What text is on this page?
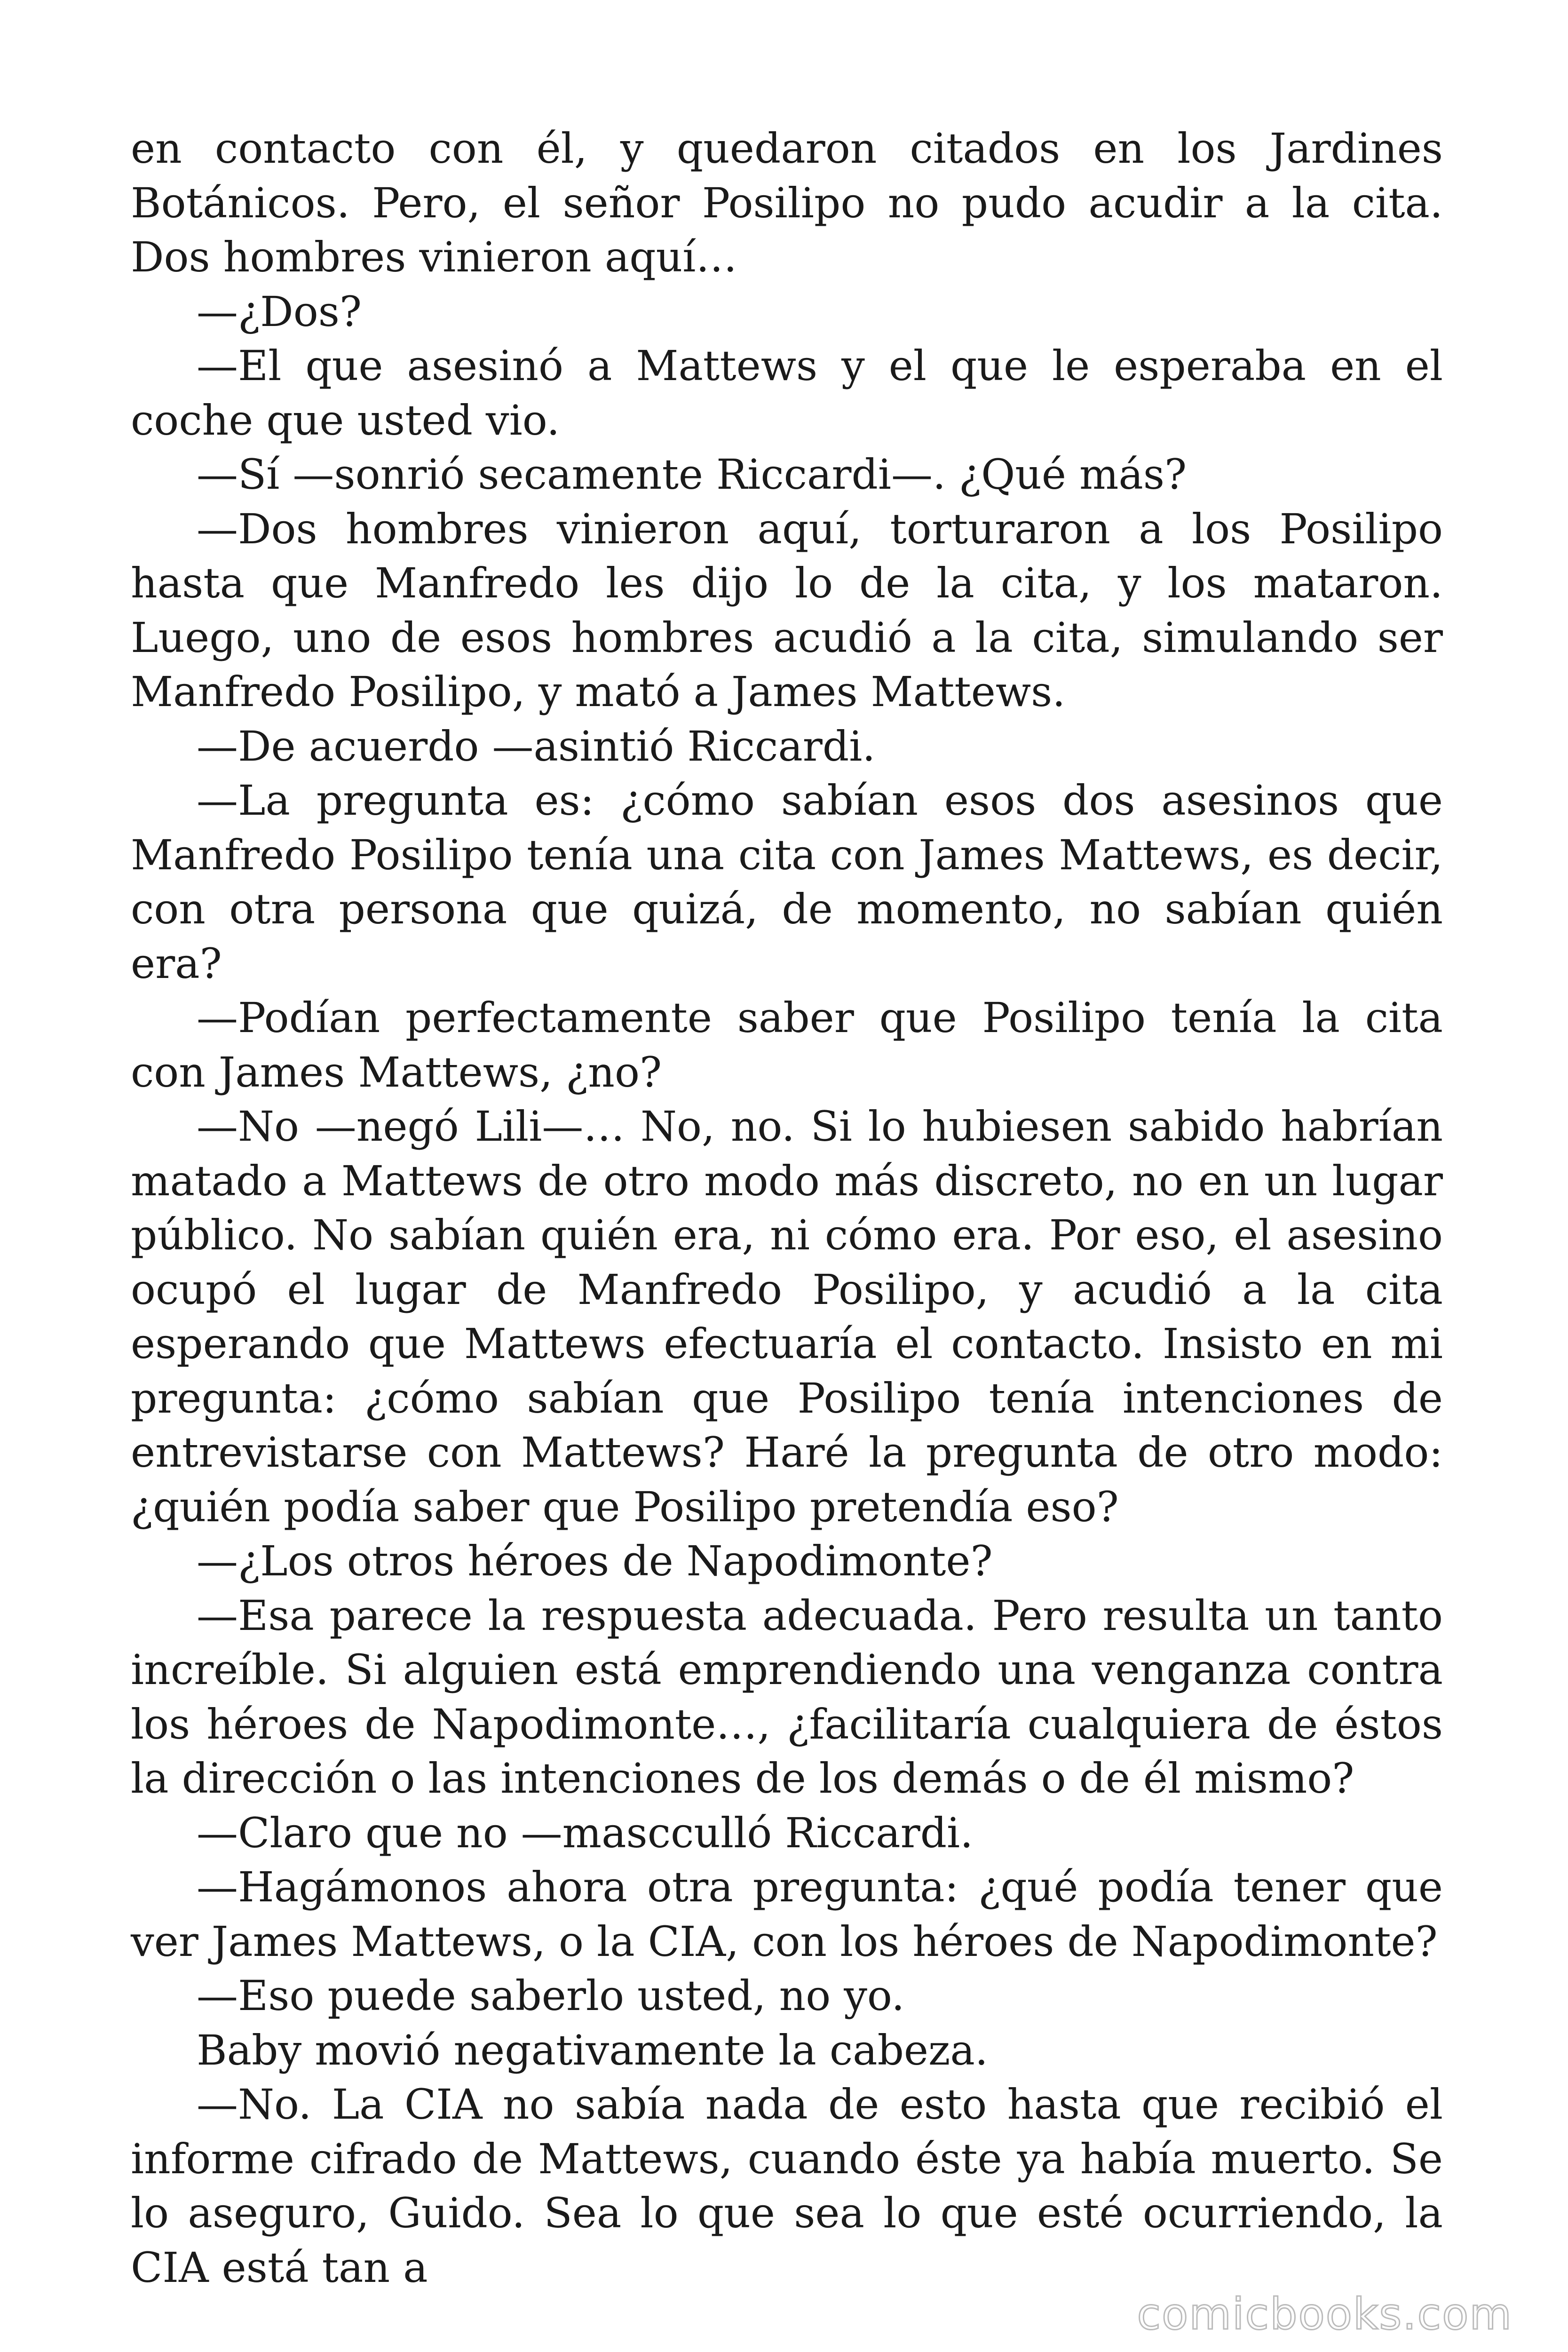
en contacto con él, y quedaron citados en los Jardines Botánicos. Pero, el señor Posilipo no pudo acudir a la cita. Dos hombres vinieron aquí…

—¿Dos?

—El que asesinó a Mattews y el que le esperaba en el coche que usted vio.

—Sí —sonrió secamente Riccardi—. ¿Qué más?

—Dos hombres vinieron aquí, torturaron a los Posilipo hasta que Manfredo les dijo lo de la cita, y los mataron. Luego, uno de esos hombres acudió a la cita, simulando ser Manfredo Posilipo, y mató a James Mattews.

—De acuerdo —asintió Riccardi.

—La pregunta es: ¿cómo sabían esos dos asesinos que Manfredo Posilipo tenía una cita con James Mattews, es decir, con otra persona que quizá, de momento, no sabían quién era?

—Podían perfectamente saber que Posilipo tenía la cita con James Mattews, ¿no?

—No —negó Lili—… No, no. Si lo hubiesen sabido habrían matado a Mattews de otro modo más discreto, no en un lugar público. No sabían quién era, ni cómo era. Por eso, el asesino ocupó el lugar de Manfredo Posilipo, y acudió a la cita esperando que Mattews efectuaría el contacto. Insisto en mi pregunta: ¿cómo sabían que Posilipo tenía intenciones de entrevistarse con Mattews? Haré la pregunta de otro modo: ¿quién podía saber que Posilipo pretendía eso?

—¿Los otros héroes de Napodimonte?

—Esa parece la respuesta adecuada. Pero resulta un tanto increíble. Si alguien está emprendiendo una venganza contra los héroes de Napodimonte…, ¿facilitaría cualquiera de éstos la dirección o las intenciones de los demás o de él mismo?

—Claro que no —mascculló Riccardi.

—Hagámonos ahora otra pregunta: ¿qué podía tener que ver James Mattews, o la CIA, con los héroes de Napodimonte?

—Eso puede saberlo usted, no yo.

Baby movió negativamente la cabeza.

—No. La CIA no sabía nada de esto hasta que recibió el informe cifrado de Mattews, cuando éste ya había muerto. Se lo aseguro, Guido. Sea lo que sea lo que esté ocurriendo, la CIA está tan a

comicbooks.com
